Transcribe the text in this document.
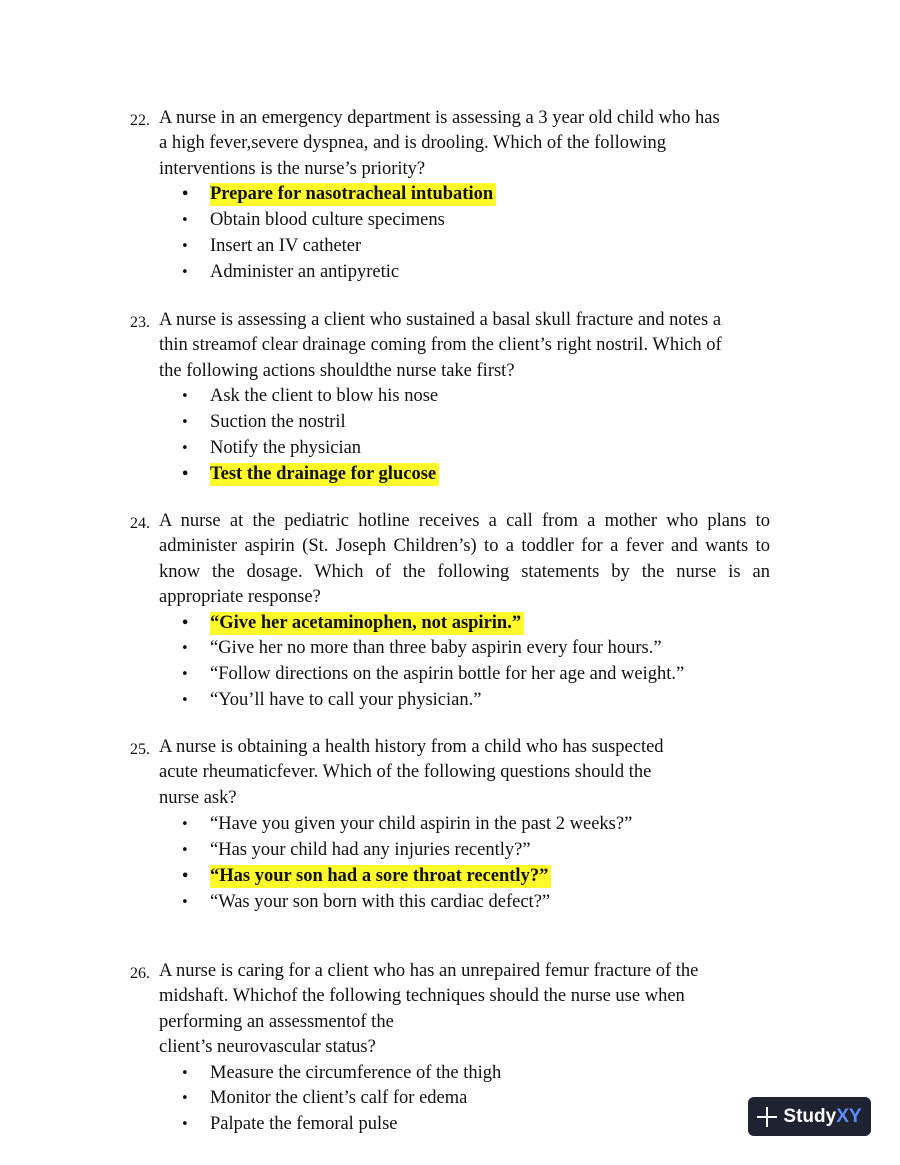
22. A nurse in an emergency department is assessing a 3 year old child who has
a high fever,severe dyspnea, and is drooling. Which of the following
interventions is the nurse’s priority?
•	Prepare for nasotracheal intubation
•	Obtain blood culture specimens
•	Insert an IV catheter
•	Administer an antipyretic
23. A nurse is assessing a client who sustained a basal skull fracture and notes a
thin streamof clear drainage coming from the client’s right nostril. Which of
the following actions shouldthe nurse take first?
•	Ask the client to blow his nose
•	Suction the nostril
•	Notify the physician
•	Test the drainage for glucose
24. A nurse at the pediatric hotline receives a call from a mother who plans to administer aspirin (St. Joseph Children’s) to a toddler for a fever and wants to know the dosage. Which of the following statements by the nurse is an appropriate response?
•	“Give her acetaminophen, not aspirin.”
•	“Give her no more than three baby aspirin every four hours.”
•	“Follow directions on the aspirin bottle for her age and weight.”
•	“You’ll have to call your physician.”
25. A nurse is obtaining a health history from a child who has suspected
acute rheumaticfever. Which of the following questions should the
nurse ask?
•	“Have you given your child aspirin in the past 2 weeks?”
•	“Has your child had any injuries recently?”
•	“Has your son had a sore throat recently?”
•	“Was your son born with this cardiac defect?”
26. A nurse is caring for a client who has an unrepaired femur fracture of the
midshaft. Whichof the following techniques should the nurse use when
performing an assessmentof the
client’s neurovascular status?
•	Measure the circumference of the thigh
•	Monitor the client’s calf for edema
•	Palpate the femoral pulse	StudyXY
